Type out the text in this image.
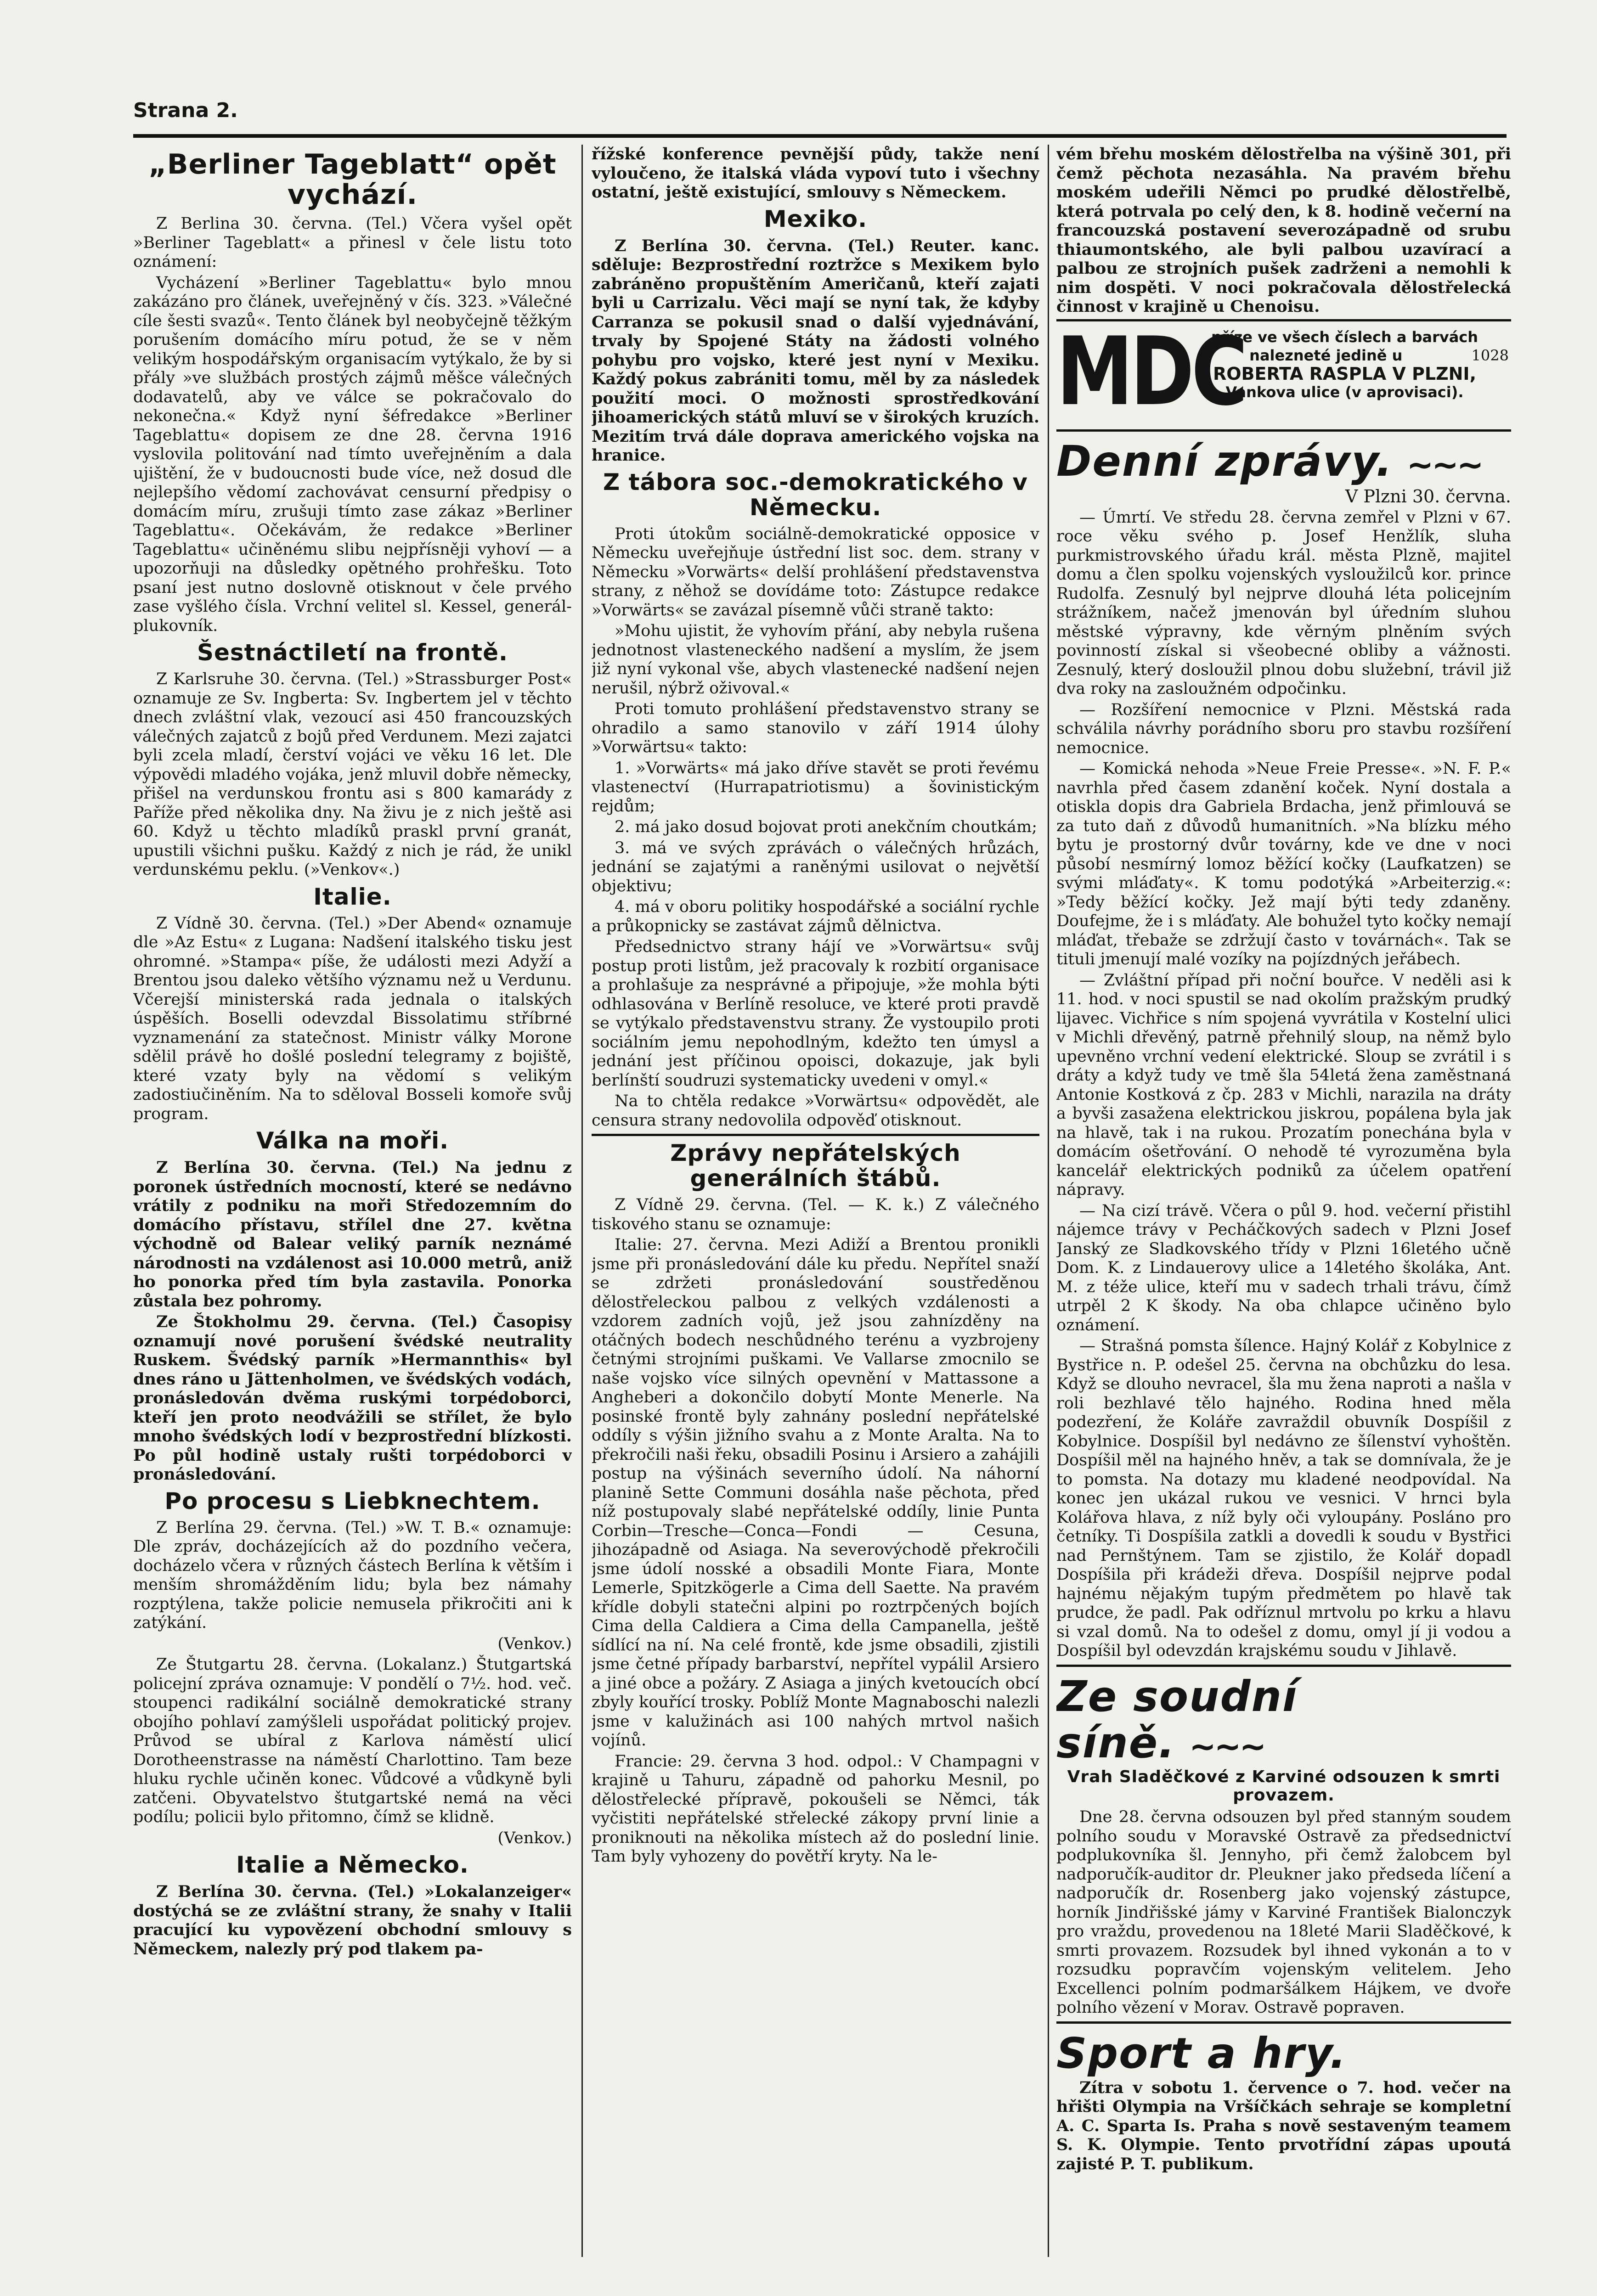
Strana 2.
„Berliner Tageblatt“ opět vychází.

Z Berlina 30. června. (Tel.) Včera vyšel opět »Berliner Tageblatt« a přinesl v čele listu toto oznámení:

Vycházení »Berliner Tageblattu« bylo mnou zakázáno pro článek, uveřejněný v čís. 323. »Válečné cíle šesti svazů«. Tento článek byl neobyčejně těžkým porušením domácího míru potud, že se v něm velikým hospodářským organisacím vytýkalo, že by si přály »ve službách prostých zájmů měšce válečných dodavatelů, aby ve válce se pokračovalo do nekonečna.« Když nyní šéfredakce »Berliner Tageblattu« dopisem ze dne 28. června 1916 vyslovila politování nad tímto uveřejněním a dala ujištění, že v budoucnosti bude více, než dosud dle nejlepšího vědomí zachovávat censurní předpisy o domácím míru, zrušuji tímto zase zákaz »Berliner Tageblattu«. Očekávám, že redakce »Berliner Tageblattu« učiněnému slibu nejpřísněji vyhoví — a upozorňuji na důsledky opětného prohřešku. Toto psaní jest nutno doslovně otisknout v čele prvého zase vyšlého čísla. Vrchní velitel sl. Kessel, generál-plukovník.

Šestnáctiletí na frontě.

Z Karlsruhe 30. června. (Tel.) »Strassburger Post« oznamuje ze Sv. Ingberta: Sv. Ingbertem jel v těchto dnech zvláštní vlak, vezoucí asi 450 francouzských válečných zajatců z bojů před Verdunem. Mezi zajatci byli zcela mladí, čerství vojáci ve věku 16 let. Dle výpovědi mladého vojáka, jenž mluvil dobře německy, přišel na verdunskou frontu asi s 800 kamarády z Paříže před několika dny. Na živu je z nich ještě asi 60. Když u těchto mladíků praskl první granát, upustili všichni pušku. Každý z nich je rád, že unikl verdunskému peklu. (»Venkov«.)

Italie.

Z Vídně 30. června. (Tel.) »Der Abend« oznamuje dle »Az Estu« z Lugana: Nadšení italského tisku jest ohromné. »Stampa« píše, že události mezi Adyží a Brentou jsou daleko většího významu než u Verdunu. Včerejší ministerská rada jednala o italských úspěších. Boselli odevzdal Bissolatimu stříbrné vyznamenání za statečnost. Ministr války Morone sdělil právě ho došlé poslední telegramy z bojiště, které vzaty byly na vědomí s velikým zadostiučiněním. Na to sděloval Bosseli komoře svůj program.

Válka na moři.

Z Berlína 30. června. (Tel.) Na jednu z poronek ústředních mocností, které se nedávno vrátily z podniku na moři Středozemním do domácího přístavu, střílel dne 27. května východně od Balear veliký parník neznámé národnosti na vzdálenost asi 10.000 metrů, aniž ho ponorka před tím byla zastavila. Ponorka zůstala bez pohromy.

Ze Štokholmu 29. června. (Tel.) Časopisy oznamují nové porušení švédské neutrality Ruskem. Švédský parník »Hermannthis« byl dnes ráno u Jättenholmen, ve švédských vodách, pronásledován dvěma ruskými torpédoborci, kteří jen proto neodvážili se střílet, že bylo mnoho švédských lodí v bezprostřední blízkosti. Po půl hodině ustaly rušti torpédoborci v pronásledování.

Po procesu s Liebknechtem.

Z Berlína 29. června. (Tel.) »W. T. B.« oznamuje: Dle zpráv, docházejících až do pozdního večera, docházelo včera v různých částech Berlína k větším i menším shromážděním lidu; byla bez námahy rozptýlena, takže policie nemusela přikročiti ani k zatýkání.

(Venkov.)

Ze Štutgartu 28. června. (Lokalanz.) Štutgartská policejní zpráva oznamuje: V pondělí o 7½. hod. več. stoupenci radikální sociálně demokratické strany obojího pohlaví zamýšleli uspořádat politický projev. Průvod se ubíral z Karlova náměstí ulicí Dorotheenstrasse na náměstí Charlottino. Tam beze hluku rychle učiněn konec. Vůdcové a vůdkyně byli zatčeni. Obyvatelstvo štutgartské nemá na věci podílu; policii bylo přitomno, čímž se klidně.

(Venkov.)

Italie a Německo.

Z Berlína 30. června. (Tel.) »Lokalanzeiger« dostýchá se ze zvláštní strany, že snahy v Italii pracující ku vypovězení obchodní smlouvy s Německem, nalezly prý pod tlakem pa-

řížské konference pevnější půdy, takže není vyloučeno, že italská vláda vypoví tuto i všechny ostatní, ještě existující, smlouvy s Německem.

Mexiko.

Z Berlína 30. června. (Tel.) Reuter. kanc. sděluje: Bezprostřední roztržce s Mexikem bylo zabráněno propuštěním Američanů, kteří zajati byli u Carrizalu. Věci mají se nyní tak, že kdyby Carranza se pokusil snad o další vyjednávání, trvaly by Spojené Státy na žádosti volného pohybu pro vojsko, které jest nyní v Mexiku. Každý pokus zabrániti tomu, měl by za následek použití moci. O možnosti sprostředkování jihoamerických států mluví se v širokých kruzích. Mezitím trvá dále doprava amerického vojska na hranice.

Z tábora soc.-demokratického v Německu.

Proti útokům sociálně-demokratické opposice v Německu uveřejňuje ústřední list soc. dem. strany v Německu »Vorwärts« delší prohlášení představenstva strany, z něhož se dovídáme toto: Zástupce redakce »Vorwärts« se zavázal písemně vůči straně takto:

»Mohu ujistit, že vyhovím přání, aby nebyla rušena jednotnost vlasteneckého nadšení a myslím, že jsem již nyní vykonal vše, abych vlastenecké nadšení nejen nerušil, nýbrž oživoval.«

Proti tomuto prohlášení představenstvo strany se ohradilo a samo stanovilo v září 1914 úlohy »Vorwärtsu« takto:

1. »Vorwärts« má jako dříve stavět se proti řevému vlastenectví (Hurrapatriotismu) a šovinistickým rejdům;

2. má jako dosud bojovat proti anekčním choutkám;

3. má ve svých zprávách o válečných hrůzách, jednání se zajatými a raněnými usilovat o největší objektivu;

4. má v oboru politiky hospodářské a sociální rychle a průkopnicky se zastávat zájmů dělnictva.

Předsednictvo strany hájí ve »Vorwärtsu« svůj postup proti listům, jež pracovaly k rozbití organisace a prohlašuje za nesprávné a připojuje, »že mohla býti odhlasována v Berlíně resoluce, ve které proti pravdě se vytýkalo představenstvu strany. Že vystoupilo proti sociálním jemu nepohodlným, kdežto ten úmysl a jednání jest příčinou opoisci, dokazuje, jak byli berlínští soudruzi systematicky uvedeni v omyl.«

Na to chtěla redakce »Vorwärtsu« odpovědět, ale censura strany nedovolila odpověď otisknout.

Zprávy nepřátelských generálních štábů.

Z Vídně 29. června. (Tel. — K. k.) Z válečného tiskového stanu se oznamuje:

Italie: 27. června. Mezi Adiží a Brentou pronikli jsme při pronásledování dále ku předu. Nepřítel snaží se zdržeti pronásledování soustředěnou dělostřeleckou palbou z velkých vzdálenosti a vzdorem zadních vojů, jež jsou zahnízděny na otáčných bodech neschůdného terénu a vyzbrojeny četnými strojními puškami. Ve Vallarse zmocnilo se naše vojsko více silných opevnění v Mattassone a Angheberi a dokončilo dobytí Monte Menerle. Na posinské frontě byly zahnány poslední nepřátelské oddíly s výšin jižního svahu a z Monte Aralta. Na to překročili naši řeku, obsadili Posinu i Arsiero a zahájili postup na výšinách severního údolí. Na náhorní planině Sette Communi dosáhla naše pěchota, před níž postupovaly slabé nepřátelské oddíly, linie Punta Corbin—Tresche—Conca—Fondi — Cesuna, jihozápadně od Asiaga. Na severovýchodě překročili jsme údolí nosské a obsadili Monte Fiara, Monte Lemerle, Spitzkögerle a Cima dell Saette. Na pravém křídle dobyli statečni alpini po roztrpčených bojích Cima della Caldiera a Cima della Campanella, ještě sídlící na ní. Na celé frontě, kde jsme obsadili, zjistili jsme četné případy barbarství, nepřítel vypálil Arsiero a jiné obce a požáry. Z Asiaga a jiných kvetoucích obcí zbyly kouřící trosky. Poblíž Monte Magnaboschi nalezli jsme v kalužinách asi 100 nahých mrtvol našich vojínů.

Francie: 29. června 3 hod. odpol.: V Champagni v krajině u Tahuru, západně od pahorku Mesnil, po dělostřelecké přípravě, pokoušeli se Němci, ták vyčistiti nepřátelské střelecké zákopy první linie a proniknouti na několika místech až do poslední linie. Tam byly vyhozeny do povětří kryty. Na le-

vém břehu moském dělostřelba na výšině 301, při čemž pěchota nezasáhla. Na pravém břehu moském udeřili Němci po prudké dělostřelbě, která potrvala po celý den, k 8. hodině večerní na francouzská postavení severozápadně od srubu thiaumontského, ale byli palbou uzavírací a palbou ze strojních pušek zadrženi a nemohli k nim dospěti. V noci pokračovala dělostřelecká činnost v krajině u Chenoisu.

MDC
příze ve všech číslech a barvách nalezneté jedině u	1028
ROBERTA RASPLA V PLZNI,
Vankova ulice (v aprovisaci).
Denní zprávy. ~~~
V Plzni 30. června.

— Úmrtí. Ve středu 28. června zemřel v Plzni v 67. roce věku svého p. Josef Henžlík, sluha purkmistrovského úřadu král. města Plzně, majitel domu a člen spolku vojenských vysloužilců kor. prince Rudolfa. Zesnulý byl nejprve dlouhá léta policejním strážníkem, načež jmenován byl úředním sluhou městské výpravny, kde věrným plněním svých povinností získal si všeobecné obliby a vážnosti. Zesnulý, který dosloužil plnou dobu služební, trávil již dva roky na zasloužném odpočinku.

— Rozšíření nemocnice v Plzni. Městská rada schválila návrhy porádního sboru pro stavbu rozšíření nemocnice.

— Komická nehoda »Neue Freie Presse«. »N. F. P.« navrhla před časem zdanění koček. Nyní dostala a otiskla dopis dra Gabriela Brdacha, jenž přimlouvá se za tuto daň z důvodů humanitních. »Na blízku mého bytu je prostorný dvůr továrny, kde ve dne v noci působí nesmírný lomoz běžící kočky (Laufkatzen) se svými mláďaty«. K tomu podotýká »Arbeiterzig.«: »Tedy běžící kočky. Jež mají býti tedy zdaněny. Doufejme, že i s mláďaty. Ale bohužel tyto kočky nemají mláďat, třebaže se zdržují často v továrnách«. Tak se tituli jmenují malé vozíky na pojízdných jeřábech.

— Zvláštní případ při noční bouřce. V neděli asi k 11. hod. v noci spustil se nad okolím pražským prudký lijavec. Vichřice s ním spojená vyvrátila v Kostelní ulici v Michli dřevěný, patrně přehnilý sloup, na němž bylo upevněno vrchní vedení elektrické. Sloup se zvrátil i s dráty a když tudy ve tmě šla 54letá žena zaměstnaná Antonie Kostková z čp. 283 v Michli, narazila na dráty a byvši zasažena elektrickou jiskrou, popálena byla jak na hlavě, tak i na rukou. Prozatím ponechána byla v domácím ošetřování. O nehodě té vyrozuměna byla kancelář elektrických podniků za účelem opatření nápravy.

— Na cizí trávě. Včera o půl 9. hod. večerní přistihl nájemce trávy v Pecháčkových sadech v Plzni Josef Janský ze Sladkovského třídy v Plzni 16letého učně Dom. K. z Lindauerovy ulice a 14letého školáka, Ant. M. z téže ulice, kteří mu v sadech trhali trávu, čímž utrpěl 2 K škody. Na oba chlapce učiněno bylo oznámení.

— Strašná pomsta šílence. Hajný Kolář z Kobylnice z Bystřice n. P. odešel 25. června na obchůzku do lesa. Když se dlouho nevracel, šla mu žena naproti a našla v roli bezhlavé tělo hajného. Rodina hned měla podezření, že Koláře zavraždil obuvník Dospíšil z Kobylnice. Dospíšil byl nedávno ze šílenství vyhoštěn. Dospíšil měl na hajného hněv, a tak se domnívala, že je to pomsta. Na dotazy mu kladené neodpovídal. Na konec jen ukázal rukou ve vesnici. V hrnci byla Kolářova hlava, z níž byly oči vyloupány. Posláno pro četníky. Ti Dospíšila zatkli a dovedli k soudu v Bystřici nad Pernštýnem. Tam se zjistilo, že Kolář dopadl Dospíšila při krádeži dřeva. Dospíšil nejprve podal hajnému nějakým tupým předmětem po hlavě tak prudce, že padl. Pak odříznul mrtvolu po krku a hlavu si vzal domů. Na to odešel z domu, omyl jí ji vodou a Dospíšil byl odevzdán krajskému soudu v Jihlavě.

Ze soudní síně. ~~~
Vrah Sladěčkové z Karviné odsouzen k smrti provazem.

Dne 28. června odsouzen byl před stanným soudem polního soudu v Moravské Ostravě za předsednictví podplukovníka šl. Jennyho, při čemž žalobcem byl nadporučík-auditor dr. Pleukner jako předseda líčení a nadporučík dr. Rosenberg jako vojenský zástupce, horník Jindřišské jámy v Karviné František Bialonczyk pro vraždu, provedenou na 18leté Marii Sladěčkové, k smrti provazem. Rozsudek byl ihned vykonán a to v rozsudku popravčím vojenským velitelem. Jeho Excellenci polním podmaršálkem Hájkem, ve dvoře polního vězení v Morav. Ostravě popraven.

Sport a hry.

Zítra v sobotu 1. července o 7. hod. večer na hřišti Olympia na Vršíčkách sehraje se kompletní A. C. Sparta Is. Praha s nově sestaveným teamem S. K. Olympie. Tento prvotřídní zápas upoutá zajisté P. T. publikum.
